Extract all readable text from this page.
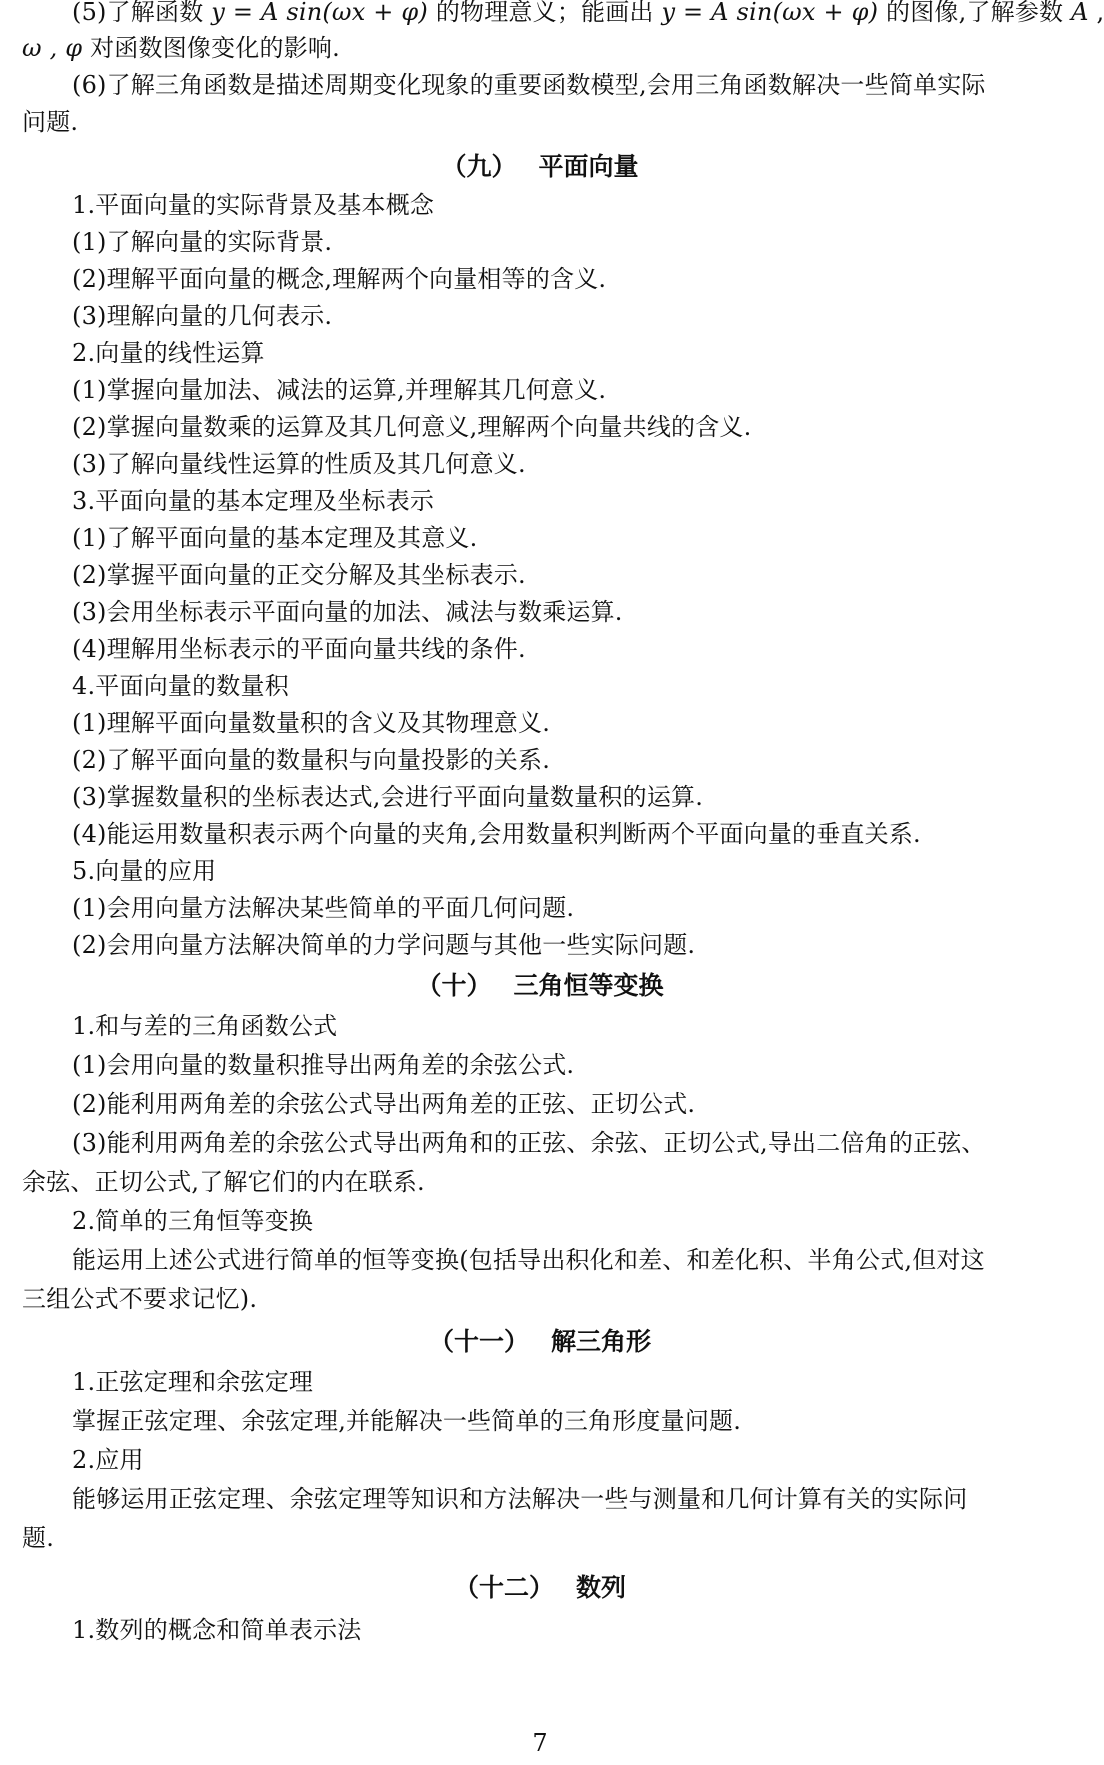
(5)了解函数 y = A sin(ωx + φ) 的物理意义；能画出 y = A sin(ωx + φ) 的图像,了解参数 A ,
ω , φ 对函数图像变化的影响.
(6)了解三角函数是描述周期变化现象的重要函数模型,会用三角函数解决一些简单实际
问题.
（九） 平面向量
1.平面向量的实际背景及基本概念
(1)了解向量的实际背景.
(2)理解平面向量的概念,理解两个向量相等的含义.
(3)理解向量的几何表示.
2.向量的线性运算
(1)掌握向量加法、减法的运算,并理解其几何意义.
(2)掌握向量数乘的运算及其几何意义,理解两个向量共线的含义.
(3)了解向量线性运算的性质及其几何意义.
3.平面向量的基本定理及坐标表示
(1)了解平面向量的基本定理及其意义.
(2)掌握平面向量的正交分解及其坐标表示.
(3)会用坐标表示平面向量的加法、减法与数乘运算.
(4)理解用坐标表示的平面向量共线的条件.
4.平面向量的数量积
(1)理解平面向量数量积的含义及其物理意义.
(2)了解平面向量的数量积与向量投影的关系.
(3)掌握数量积的坐标表达式,会进行平面向量数量积的运算.
(4)能运用数量积表示两个向量的夹角,会用数量积判断两个平面向量的垂直关系.
5.向量的应用
(1)会用向量方法解决某些简单的平面几何问题.
(2)会用向量方法解决简单的力学问题与其他一些实际问题.
（十） 三角恒等变换
1.和与差的三角函数公式
(1)会用向量的数量积推导出两角差的余弦公式.
(2)能利用两角差的余弦公式导出两角差的正弦、正切公式.
(3)能利用两角差的余弦公式导出两角和的正弦、余弦、正切公式,导出二倍角的正弦、
余弦、正切公式,了解它们的内在联系.
2.简单的三角恒等变换
能运用上述公式进行简单的恒等变换(包括导出积化和差、和差化积、半角公式,但对这
三组公式不要求记忆).
（十一） 解三角形
1.正弦定理和余弦定理
掌握正弦定理、余弦定理,并能解决一些简单的三角形度量问题.
2.应用
能够运用正弦定理、余弦定理等知识和方法解决一些与测量和几何计算有关的实际问
题.
（十二） 数列
1.数列的概念和简单表示法
7
